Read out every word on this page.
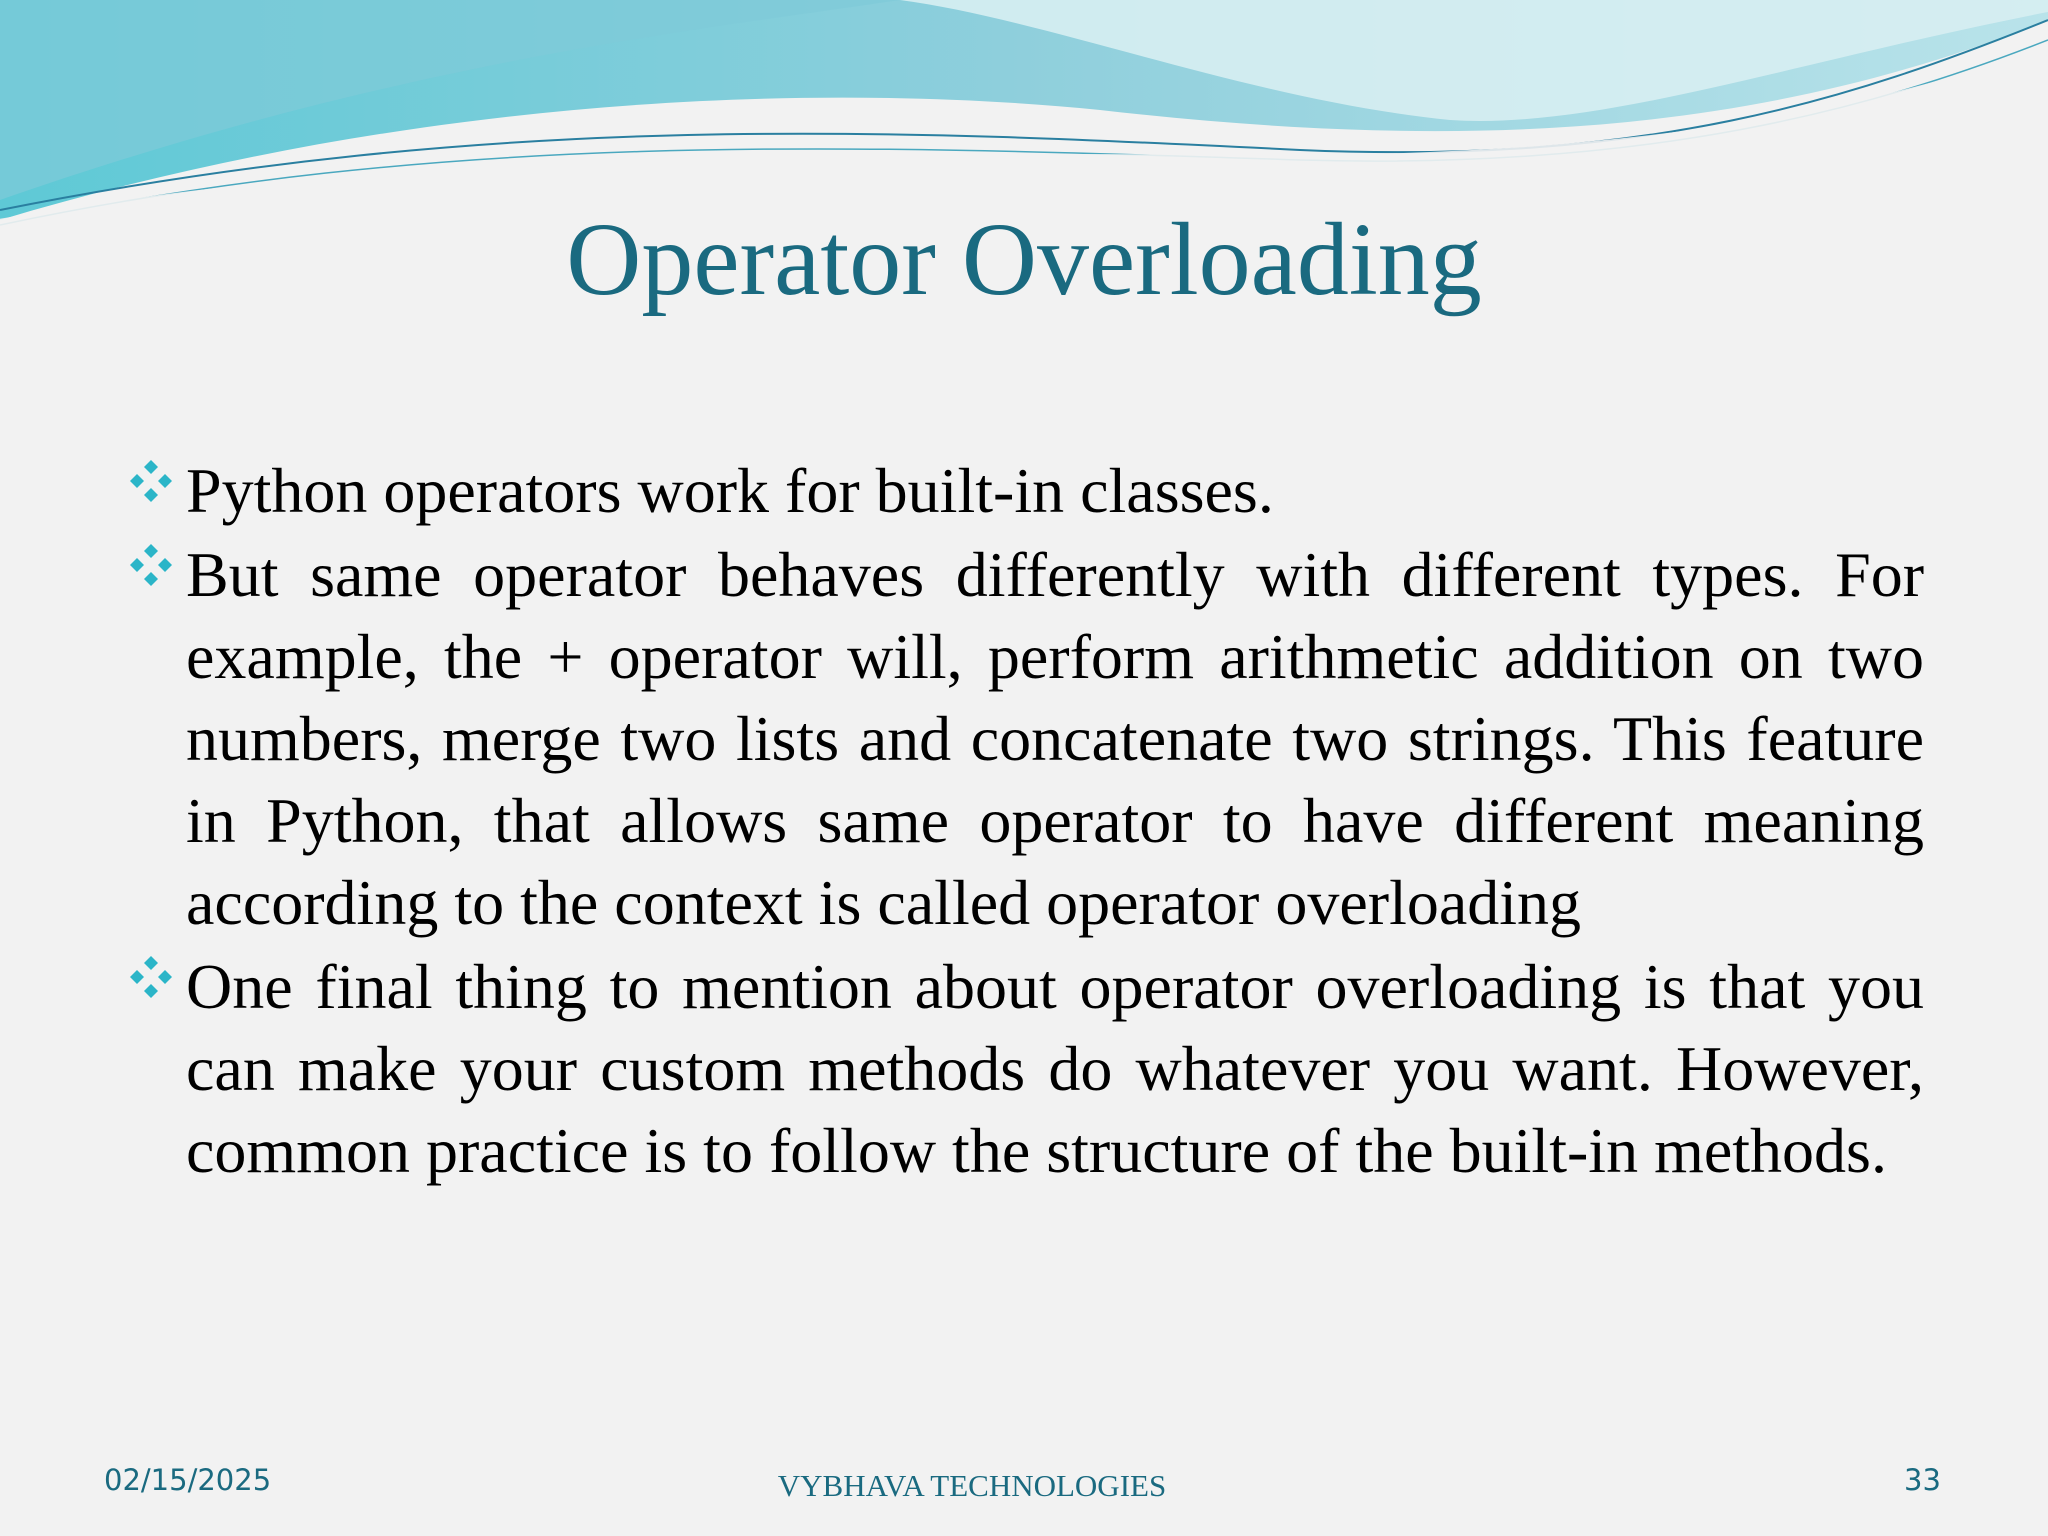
Operator Overloading
Python operators work for built-in classes.
But same operator behaves differently with different types. For example, the + operator will, perform arithmetic addition on two numbers, merge two lists and concatenate two strings. This feature in Python, that allows same operator to have different meaning according to the context is called operator overloading
One final thing to mention about operator overloading is that you can make your custom methods do whatever you want. However, common practice is to follow the structure of the built-in methods.
02/15/2025	VYBHAVA TECHNOLOGIES	33
